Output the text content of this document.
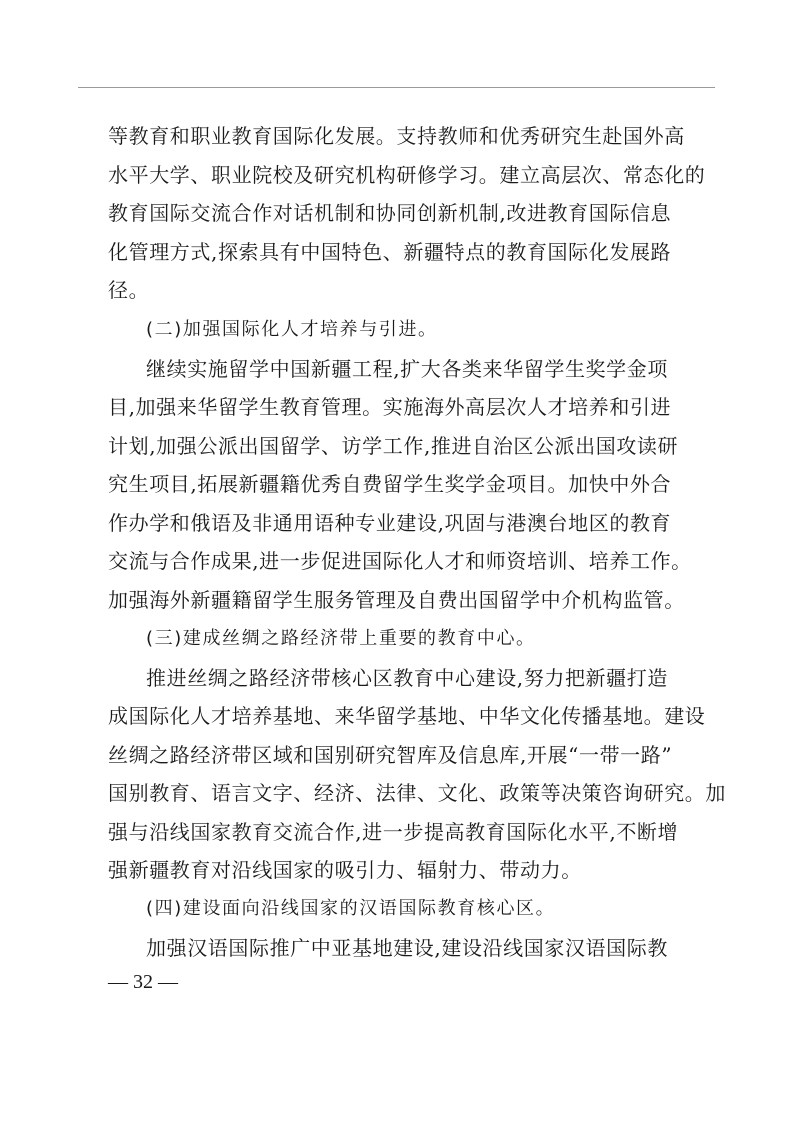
等教育和职业教育国际化发展。支持教师和优秀研究生赴国外高
水平大学、职业院校及研究机构研修学习。建立高层次、常态化的
教育国际交流合作对话机制和协同创新机制,改进教育国际信息
化管理方式,探索具有中国特色、新疆特点的教育国际化发展路
径。
(二)加强国际化人才培养与引进。
继续实施留学中国新疆工程,扩大各类来华留学生奖学金项
目,加强来华留学生教育管理。实施海外高层次人才培养和引进
计划,加强公派出国留学、访学工作,推进自治区公派出国攻读研
究生项目,拓展新疆籍优秀自费留学生奖学金项目。加快中外合
作办学和俄语及非通用语种专业建设,巩固与港澳台地区的教育
交流与合作成果,进一步促进国际化人才和师资培训、培养工作。
加强海外新疆籍留学生服务管理及自费出国留学中介机构监管。
(三)建成丝绸之路经济带上重要的教育中心。
推进丝绸之路经济带核心区教育中心建设,努力把新疆打造
成国际化人才培养基地、来华留学基地、中华文化传播基地。建设
丝绸之路经济带区域和国别研究智库及信息库,开展“一带一路”
国别教育、语言文字、经济、法律、文化、政策等决策咨询研究。加
强与沿线国家教育交流合作,进一步提高教育国际化水平,不断增
强新疆教育对沿线国家的吸引力、辐射力、带动力。
(四)建设面向沿线国家的汉语国际教育核心区。
加强汉语国际推广中亚基地建设,建设沿线国家汉语国际教
— 32 —
